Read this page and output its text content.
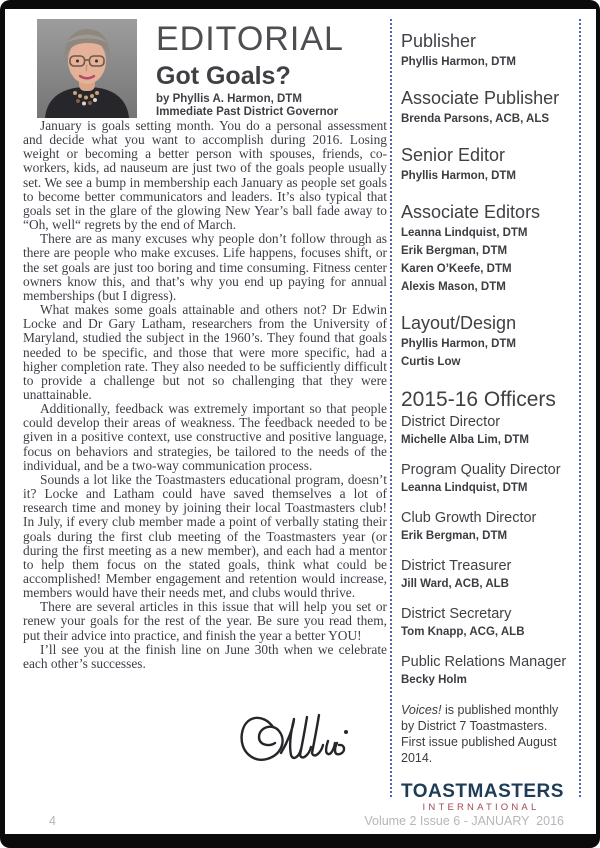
EDITORIAL
Got Goals?
by Phyllis A. Harmon, DTM
Immediate Past District Governor

January is goals setting month. You do a personal assessment and decide what you want to accomplish during 2016. Losing weight or becoming a better person with spouses, friends, co-workers, kids, ad nauseum are just two of the goals people usually set. We see a bump in membership each January as people set goals to become better communicators and leaders. It’s also typical that goals set in the glare of the glowing New Year’s ball fade away to “Oh, well“ regrets by the end of March.

There are as many excuses why people don’t follow through as there are people who make excuses. Life happens, focuses shift, or the set goals are just too boring and time consuming. Fitness center owners know this, and that’s why you end up paying for annual memberships (but I digress).

What makes some goals attainable and others not? Dr Edwin Locke and Dr Gary Latham, researchers from the University of Maryland, studied the subject in the 1960’s. They found that goals needed to be specific, and those that were more specific, had a higher completion rate. They also needed to be sufficiently difficult to provide a challenge but not so challenging that they were unattainable.

Additionally, feedback was extremely important so that people could develop their areas of weakness. The feedback needed to be given in a positive context, use constructive and positive language, focus on behaviors and strategies, be tailored to the needs of the individual, and be a two-way communication process.

Sounds a lot like the Toastmasters educational program, doesn’t it? Locke and Latham could have saved themselves a lot of research time and money by joining their local Toastmasters club! In July, if every club member made a point of verbally stating their goals during the first club meeting of the Toastmasters year (or during the first meeting as a new member), and each had a mentor to help them focus on the stated goals, think what could be accomplished! Member engagement and retention would increase, members would have their needs met, and clubs would thrive.

There are several articles in this issue that will help you set or renew your goals for the rest of the year. Be sure you read them, put their advice into practice, and finish the year a better YOU!

I’ll see you at the finish line on June 30th when we celebrate each other’s successes.

Publisher
Phyllis Harmon, DTM
Associate Publisher
Brenda Parsons, ACB, ALS
Senior Editor
Phyllis Harmon, DTM
Associate Editors
Leanna Lindquist, DTM
Erik Bergman, DTM
Karen O’Keefe, DTM
Alexis Mason, DTM
Layout/Design
Phyllis Harmon, DTM
Curtis Low
2015-16 Officers
District Director
Michelle Alba Lim, DTM
Program Quality Director
Leanna Lindquist, DTM
Club Growth Director
Erik Bergman, DTM
District Treasurer
Jill Ward, ACB, ALB
District Secretary
Tom Knapp, ACG, ALB
Public Relations Manager
Becky Holm
Voices! is published monthly by District 7 Toastmasters. First issue published August 2014.
TOASTMASTERS
INTERNATIONAL
4	Volume 2 Issue 6 - JANUARY  2016
